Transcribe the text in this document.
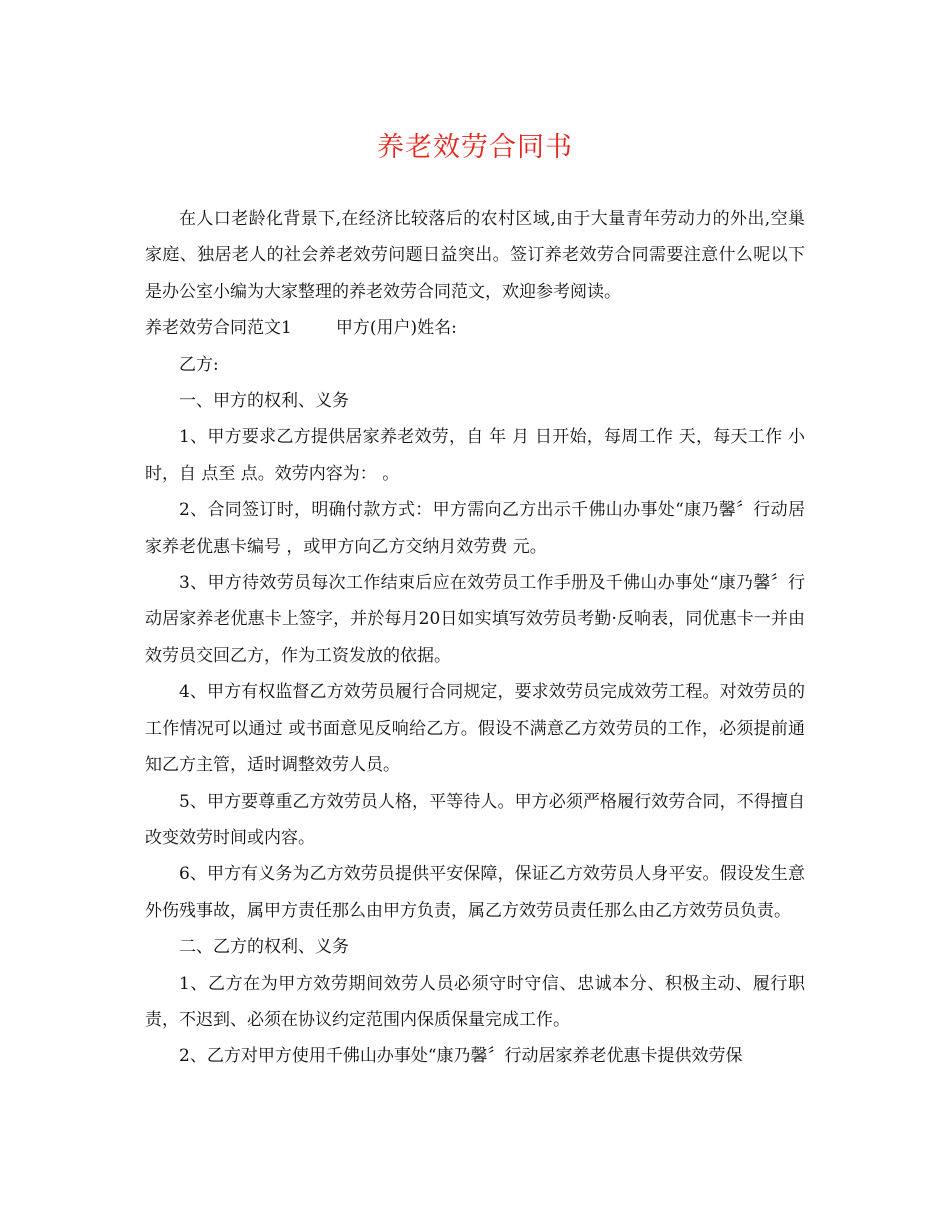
养老效劳合同书

在人口老龄化背景下,在经济比较落后的农村区域,由于大量青年劳动力的外出,空巢家庭、独居老人的社会养老效劳问题日益突出。签订养老效劳合同需要注意什么呢以下是办公室小编为大家整理的养老效劳合同范文，欢迎参考阅读。

养老效劳合同范文1	甲方(用户)姓名:

乙方:

一、甲方的权利、义务

1、甲方要求乙方提供居家养老效劳，自 年 月 日开始，每周工作 天，每天工作 小时，自 点至 点。效劳内容为： 。

2、合同签订时，明确付款方式：甲方需向乙方出示千佛山办事处“康乃馨〞行动居家养老优惠卡编号 ，或甲方向乙方交纳月效劳费 元。

3、甲方待效劳员每次工作结束后应在效劳员工作手册及千佛山办事处“康乃馨〞行动居家养老优惠卡上签字，并於每月20日如实填写效劳员考勤·反响表，同优惠卡一并由效劳员交回乙方，作为工资发放的依据。

4、甲方有权监督乙方效劳员履行合同规定，要求效劳员完成效劳工程。对效劳员的工作情况可以通过 或书面意见反响给乙方。假设不满意乙方效劳员的工作，必须提前通知乙方主管，适时调整效劳人员。

5、甲方要尊重乙方效劳员人格，平等待人。甲方必须严格履行效劳合同，不得擅自改变效劳时间或内容。

6、甲方有义务为乙方效劳员提供平安保障，保证乙方效劳员人身平安。假设发生意外伤残事故，属甲方责任那么由甲方负责，属乙方效劳员责任那么由乙方效劳员负责。

二、乙方的权利、义务

1、乙方在为甲方效劳期间效劳人员必须守时守信、忠诚本分、积极主动、履行职责，不迟到、必须在协议约定范围内保质保量完成工作。

2、乙方对甲方使用千佛山办事处“康乃馨〞行动居家养老优惠卡提供效劳保
